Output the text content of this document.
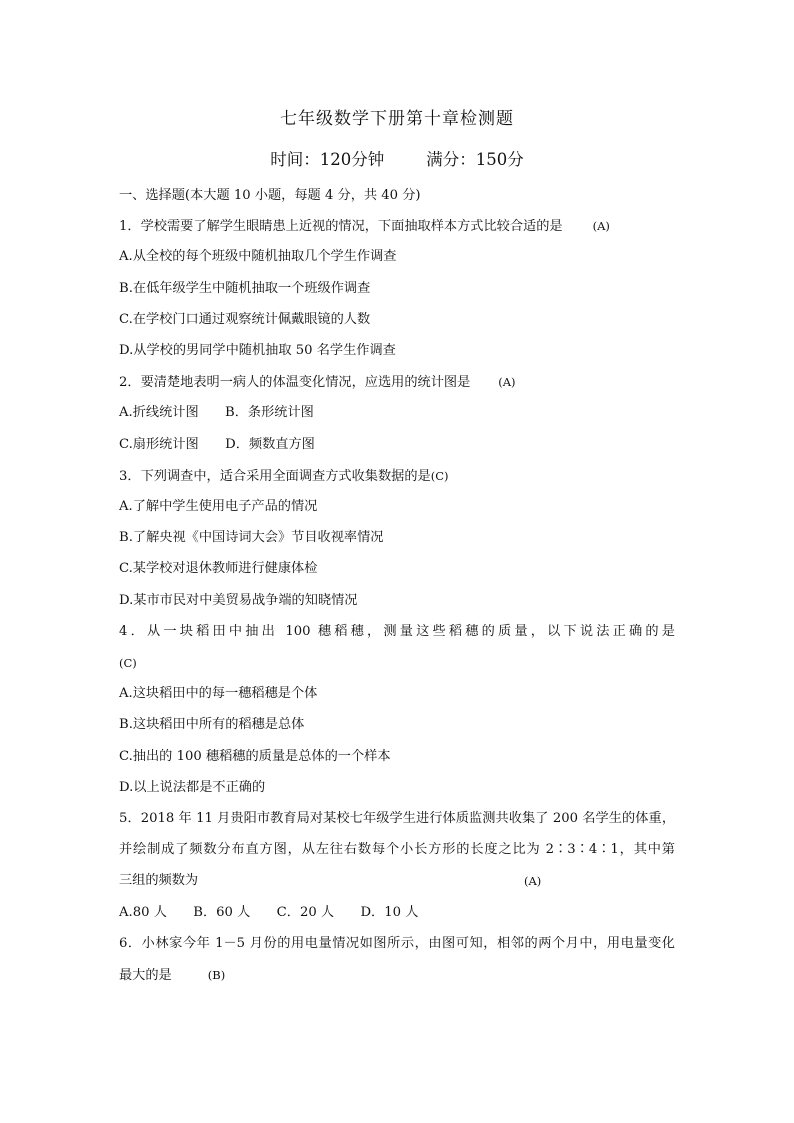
七年级数学下册第十章检测题
时间：120分钟	满分：150分
一、选择题(本大题 10 小题，每题 4 分，共 40 分)
1．学校需要了解学生眼睛患上近视的情况，下面抽取样本方式比较合适的是	(A)
A.从全校的每个班级中随机抽取几个学生作调查
B.在低年级学生中随机抽取一个班级作调查
C.在学校门口通过观察统计佩戴眼镜的人数
D.从学校的男同学中随机抽取 50 名学生作调查
2．要清楚地表明一病人的体温变化情况，应选用的统计图是 (A)
A.折线统计图　　B．条形统计图
C.扇形统计图　　D．频数直方图
3．下列调查中，适合采用全面调查方式收集数据的是(C)
A.了解中学生使用电子产品的情况
B.了解央视《中国诗词大会》节目收视率情况
C.某学校对退休教师进行健康体检
D.某市市民对中美贸易战争端的知晓情况
4．从一块稻田中抽出 100 穗稻穗，测量这些稻穗的质量，以下说法正确的是
(C)
A.这块稻田中的每一穗稻穗是个体
B.这块稻田中所有的稻穗是总体
C.抽出的 100 穗稻穗的质量是总体的一个样本
D.以上说法都是不正确的
5．2018 年 11 月贵阳市教育局对某校七年级学生进行体质监测共收集了 200 名学生的体重，
并绘制成了频数分布直方图，从左往右数每个小长方形的长度之比为 2∶3∶4∶1，其中第
三组的频数为	(A)
A.80 人　　B．60 人　　C．20 人　　D．10 人
6．小林家今年 1－5 月份的用电量情况如图所示，由图可知，相邻的两个月中，用电量变化
最大的是	(B)
